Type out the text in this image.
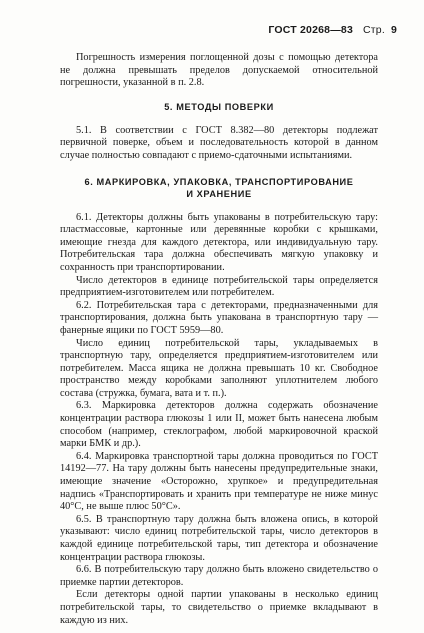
ГОСТ 20268—83 Стр. 9

Погрешность измерения поглощенной дозы с помощью детектора не должна превышать пределов допускаемой относительной погрешности, указанной в п. 2.8.

5. МЕТОДЫ ПОВЕРКИ

5.1. В соответствии с ГОСТ 8.382—80 детекторы подлежат первичной поверке, объем и последовательность которой в данном случае полностью совпадают с приемо-сдаточными испытаниями.

6. МАРКИРОВКА, УПАКОВКА, ТРАНСПОРТИРОВАНИЕ
И ХРАНЕНИЕ

6.1. Детекторы должны быть упакованы в потребительскую тару: пластмассовые, картонные или деревянные коробки с крышками, имеющие гнезда для каждого детектора, или индивидуальную тару. Потребительская тара должна обеспечивать мягкую упаковку и сохранность при транспортировании.

Число детекторов в единице потребительской тары определяется предприятием-изготовителем или потребителем.

6.2. Потребительская тара с детекторами, предназначенными для транспортирования, должна быть упакована в транспортную тару — фанерные ящики по ГОСТ 5959—80.

Число единиц потребительской тары, укладываемых в транспортную тару, определяется предприятием-изготовителем или потребителем. Масса ящика не должна превышать 10 кг. Свободное пространство между коробками заполняют уплотнителем любого состава (стружка, бумага, вата и т. п.).

6.3. Маркировка детекторов должна содержать обозначение концентрации раствора глюкозы 1 или II, может быть нанесена любым способом (например, стеклографом, любой маркировочной краской марки БМК и др.).

6.4. Маркировка транспортной тары должна проводиться по ГОСТ 14192—77. На тару должны быть нанесены предупредительные знаки, имеющие значение «Осторожно, хрупкое» и предупредительная надпись «Транспортировать и хранить при температуре не ниже минус 40°С, не выше плюс 50°С».

6.5. В транспортную тару должна быть вложена опись, в которой указывают: число единиц потребительской тары, число детекторов в каждой единице потребительской тары, тип детектора и обозначение концентрации раствора глюкозы.

6.6. В потребительскую тару должно быть вложено свидетельство о приемке партии детекторов.

Если детекторы одной партии упакованы в несколько единиц потребительской тары, то свидетельство о приемке вкладывают в каждую из них.
